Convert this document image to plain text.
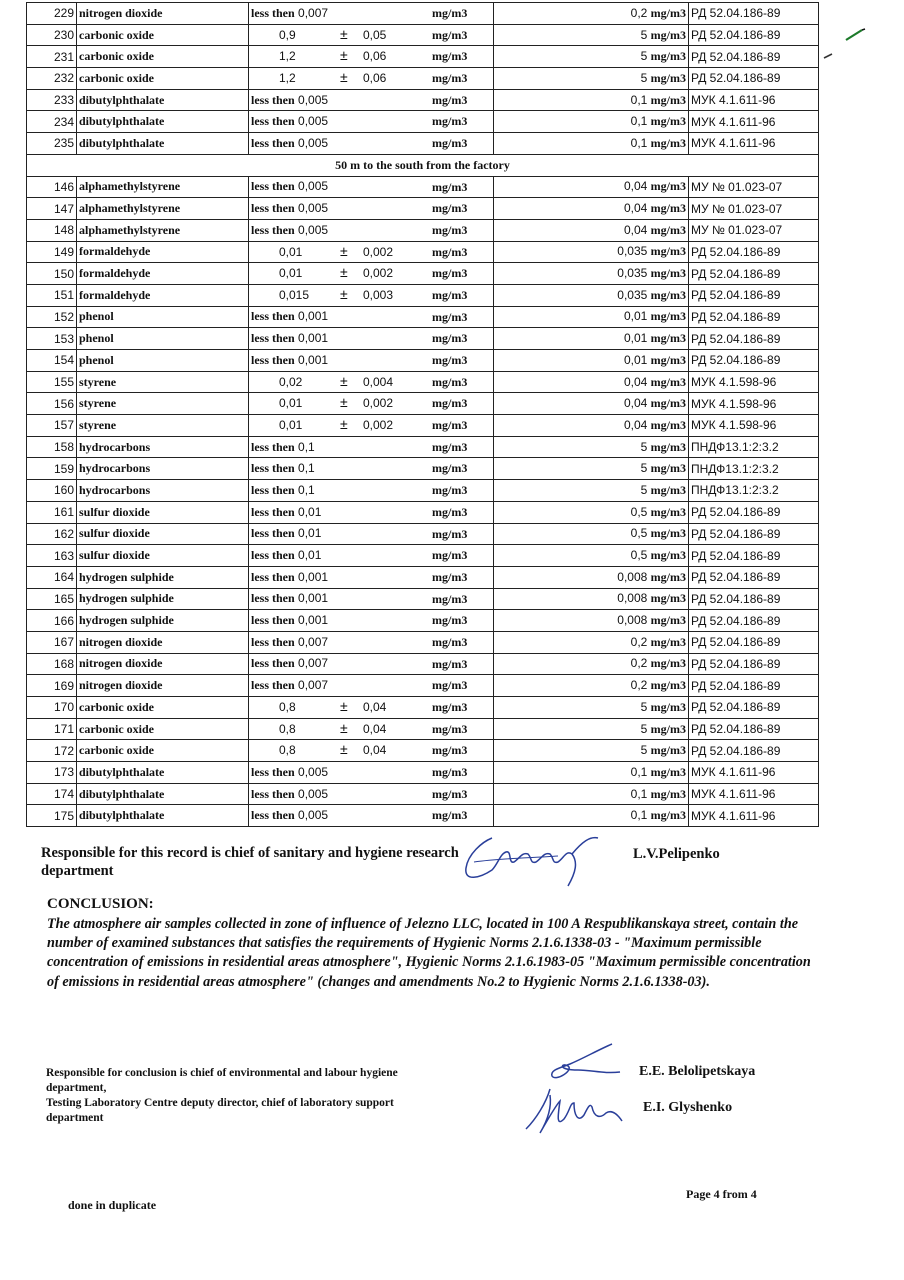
229	nitrogen dioxide	less then 0,007 mg/m3	0,2 mg/m3	РД 52.04.186-89
230	carbonic oxide	0,9 ± 0,05 mg/m3	5 mg/m3	РД 52.04.186-89
231	carbonic oxide	1,2 ± 0,06 mg/m3	5 mg/m3	РД 52.04.186-89
232	carbonic oxide	1,2 ± 0,06 mg/m3	5 mg/m3	РД 52.04.186-89
233	dibutylphthalate	less then 0,005 mg/m3	0,1 mg/m3	МУК 4.1.611-96
234	dibutylphthalate	less then 0,005 mg/m3	0,1 mg/m3	МУК 4.1.611-96
235	dibutylphthalate	less then 0,005 mg/m3	0,1 mg/m3	МУК 4.1.611-96
50 m to the south from the factory				
146	alphamethylstyrene	less then 0,005 mg/m3	0,04 mg/m3	МУ № 01.023-07
147	alphamethylstyrene	less then 0,005 mg/m3	0,04 mg/m3	МУ № 01.023-07
148	alphamethylstyrene	less then 0,005 mg/m3	0,04 mg/m3	МУ № 01.023-07
149	formaldehyde	0,01 ± 0,002 mg/m3	0,035 mg/m3	РД 52.04.186-89
150	formaldehyde	0,01 ± 0,002 mg/m3	0,035 mg/m3	РД 52.04.186-89
151	formaldehyde	0,015 ± 0,003 mg/m3	0,035 mg/m3	РД 52.04.186-89
152	phenol	less then 0,001 mg/m3	0,01 mg/m3	РД 52.04.186-89
153	phenol	less then 0,001 mg/m3	0,01 mg/m3	РД 52.04.186-89
154	phenol	less then 0,001 mg/m3	0,01 mg/m3	РД 52.04.186-89
155	styrene	0,02 ± 0,004 mg/m3	0,04 mg/m3	МУК 4.1.598-96
156	styrene	0,01 ± 0,002 mg/m3	0,04 mg/m3	МУК 4.1.598-96
157	styrene	0,01 ± 0,002 mg/m3	0,04 mg/m3	МУК 4.1.598-96
158	hydrocarbons	less then 0,1 mg/m3	5 mg/m3	ПНДФ13.1:2:3.2
159	hydrocarbons	less then 0,1 mg/m3	5 mg/m3	ПНДФ13.1:2:3.2
160	hydrocarbons	less then 0,1 mg/m3	5 mg/m3	ПНДФ13.1:2:3.2
161	sulfur dioxide	less then 0,01 mg/m3	0,5 mg/m3	РД 52.04.186-89
162	sulfur dioxide	less then 0,01 mg/m3	0,5 mg/m3	РД 52.04.186-89
163	sulfur dioxide	less then 0,01 mg/m3	0,5 mg/m3	РД 52.04.186-89
164	hydrogen sulphide	less then 0,001 mg/m3	0,008 mg/m3	РД 52.04.186-89
165	hydrogen sulphide	less then 0,001 mg/m3	0,008 mg/m3	РД 52.04.186-89
166	hydrogen sulphide	less then 0,001 mg/m3	0,008 mg/m3	РД 52.04.186-89
167	nitrogen dioxide	less then 0,007 mg/m3	0,2 mg/m3	РД 52.04.186-89
168	nitrogen dioxide	less then 0,007 mg/m3	0,2 mg/m3	РД 52.04.186-89
169	nitrogen dioxide	less then 0,007 mg/m3	0,2 mg/m3	РД 52.04.186-89
170	carbonic oxide	0,8 ± 0,04 mg/m3	5 mg/m3	РД 52.04.186-89
171	carbonic oxide	0,8 ± 0,04 mg/m3	5 mg/m3	РД 52.04.186-89
172	carbonic oxide	0,8 ± 0,04 mg/m3	5 mg/m3	РД 52.04.186-89
173	dibutylphthalate	less then 0,005 mg/m3	0,1 mg/m3	МУК 4.1.611-96
174	dibutylphthalate	less then 0,005 mg/m3	0,1 mg/m3	МУК 4.1.611-96
175	dibutylphthalate	less then 0,005 mg/m3	0,1 mg/m3	МУК 4.1.611-96
Responsible for this record is chief of sanitary and hygiene research department
L.V.Pelipenko
CONCLUSION:
The atmosphere air samples collected in zone of influence of Jelezno LLC, located in 100 A Respublikanskaya street, contain the number of examined substances that satisfies the requirements of Hygienic Norms 2.1.6.1338-03 - "Maximum permissible concentration of emissions in residential areas atmosphere", Hygienic Norms 2.1.6.1983-05 "Maximum permissible concentration of emissions in residential areas atmosphere" (changes and amendments No.2 to Hygienic Norms 2.1.6.1338-03).
Responsible for conclusion is chief of environmental and labour hygiene department,
Testing Laboratory Centre deputy director, chief of laboratory support department
E.E. Belolipetskaya
E.I. Glyshenko
Page 4 from 4
done in duplicate
